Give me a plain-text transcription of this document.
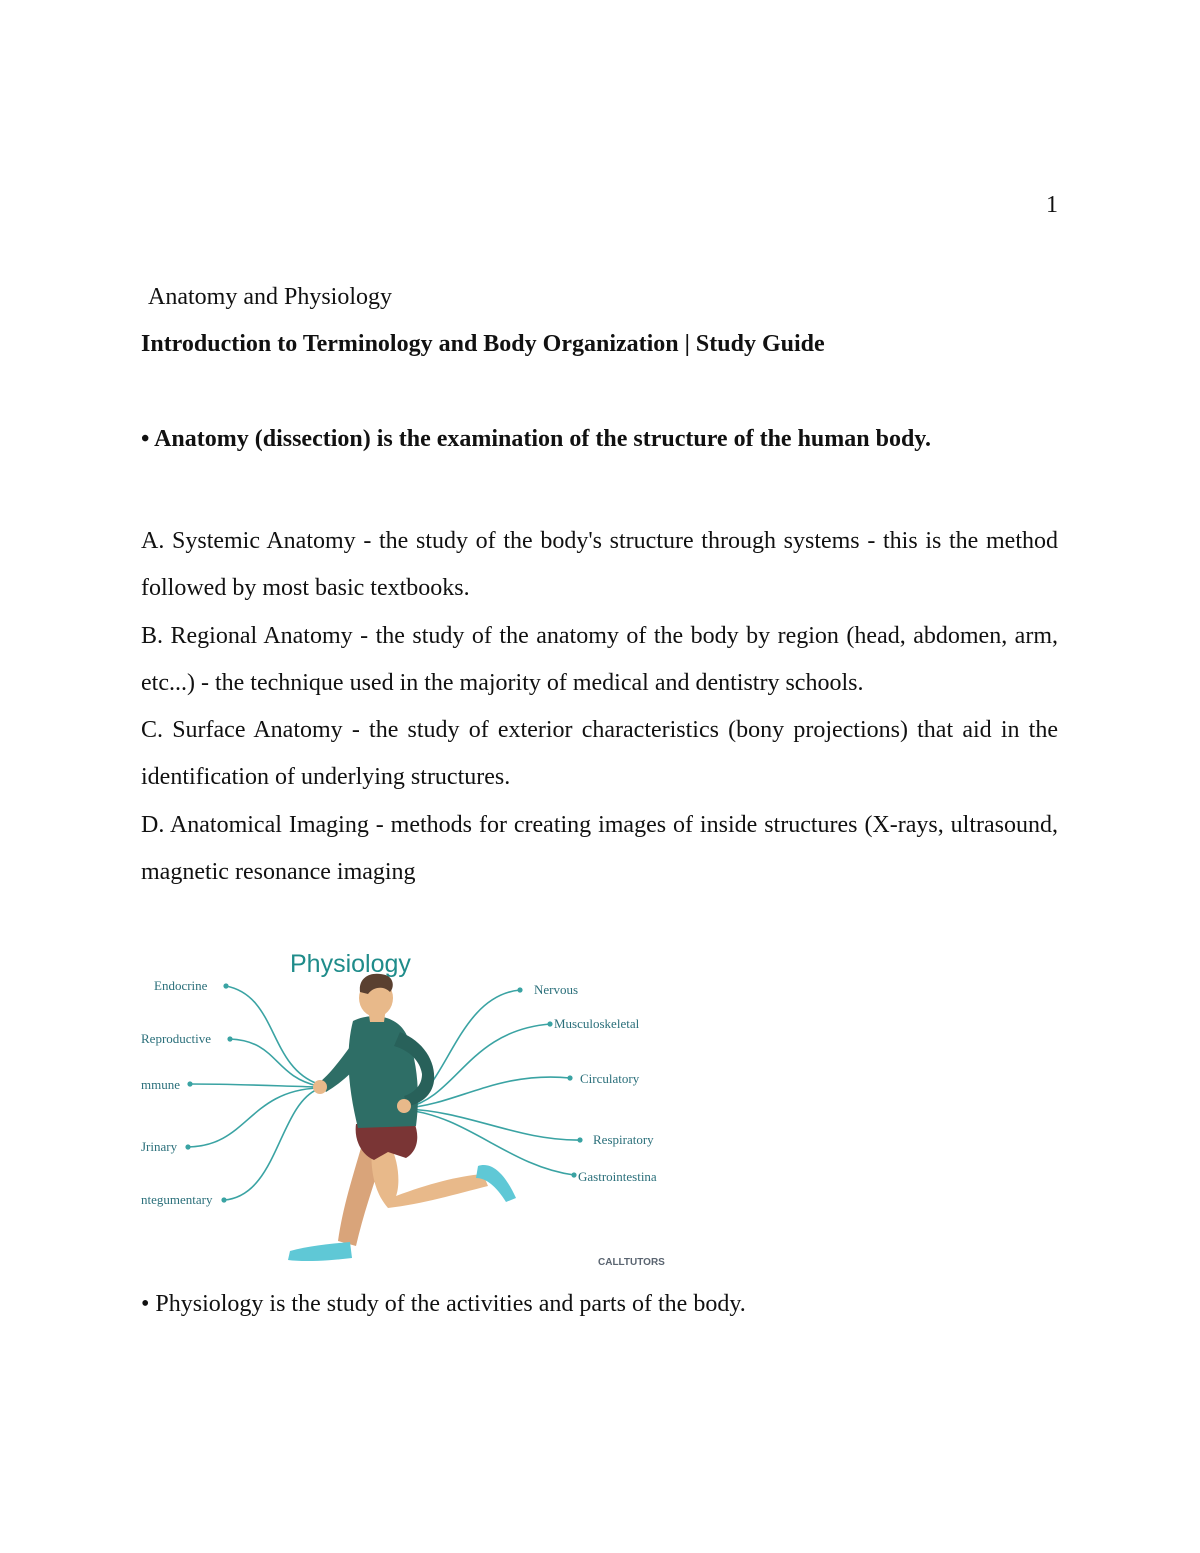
1
Anatomy and Physiology
Introduction to Terminology and Body Organization | Study Guide
• Anatomy (dissection) is the examination of the structure of the human body.

A. Systemic Anatomy - the study of the body's structure through systems - this is the method followed by most basic textbooks.

B. Regional Anatomy - the study of the anatomy of the body by region (head, abdomen, arm, etc...) - the technique used in the majority of medical and dentistry schools.

C. Surface Anatomy - the study of exterior characteristics (bony projections) that aid in the identification of underlying structures.

D. Anatomical Imaging - methods for creating images of inside structures (X-rays, ultrasound, magnetic resonance imaging

Physiology
Endocrine
Reproductive
mmune
Jrinary
ntegumentary
Nervous
Musculoskeletal
Circulatory
Respiratory
Gastrointestina
CALLTUTORS
• Physiology is the study of the activities and parts of the body.
